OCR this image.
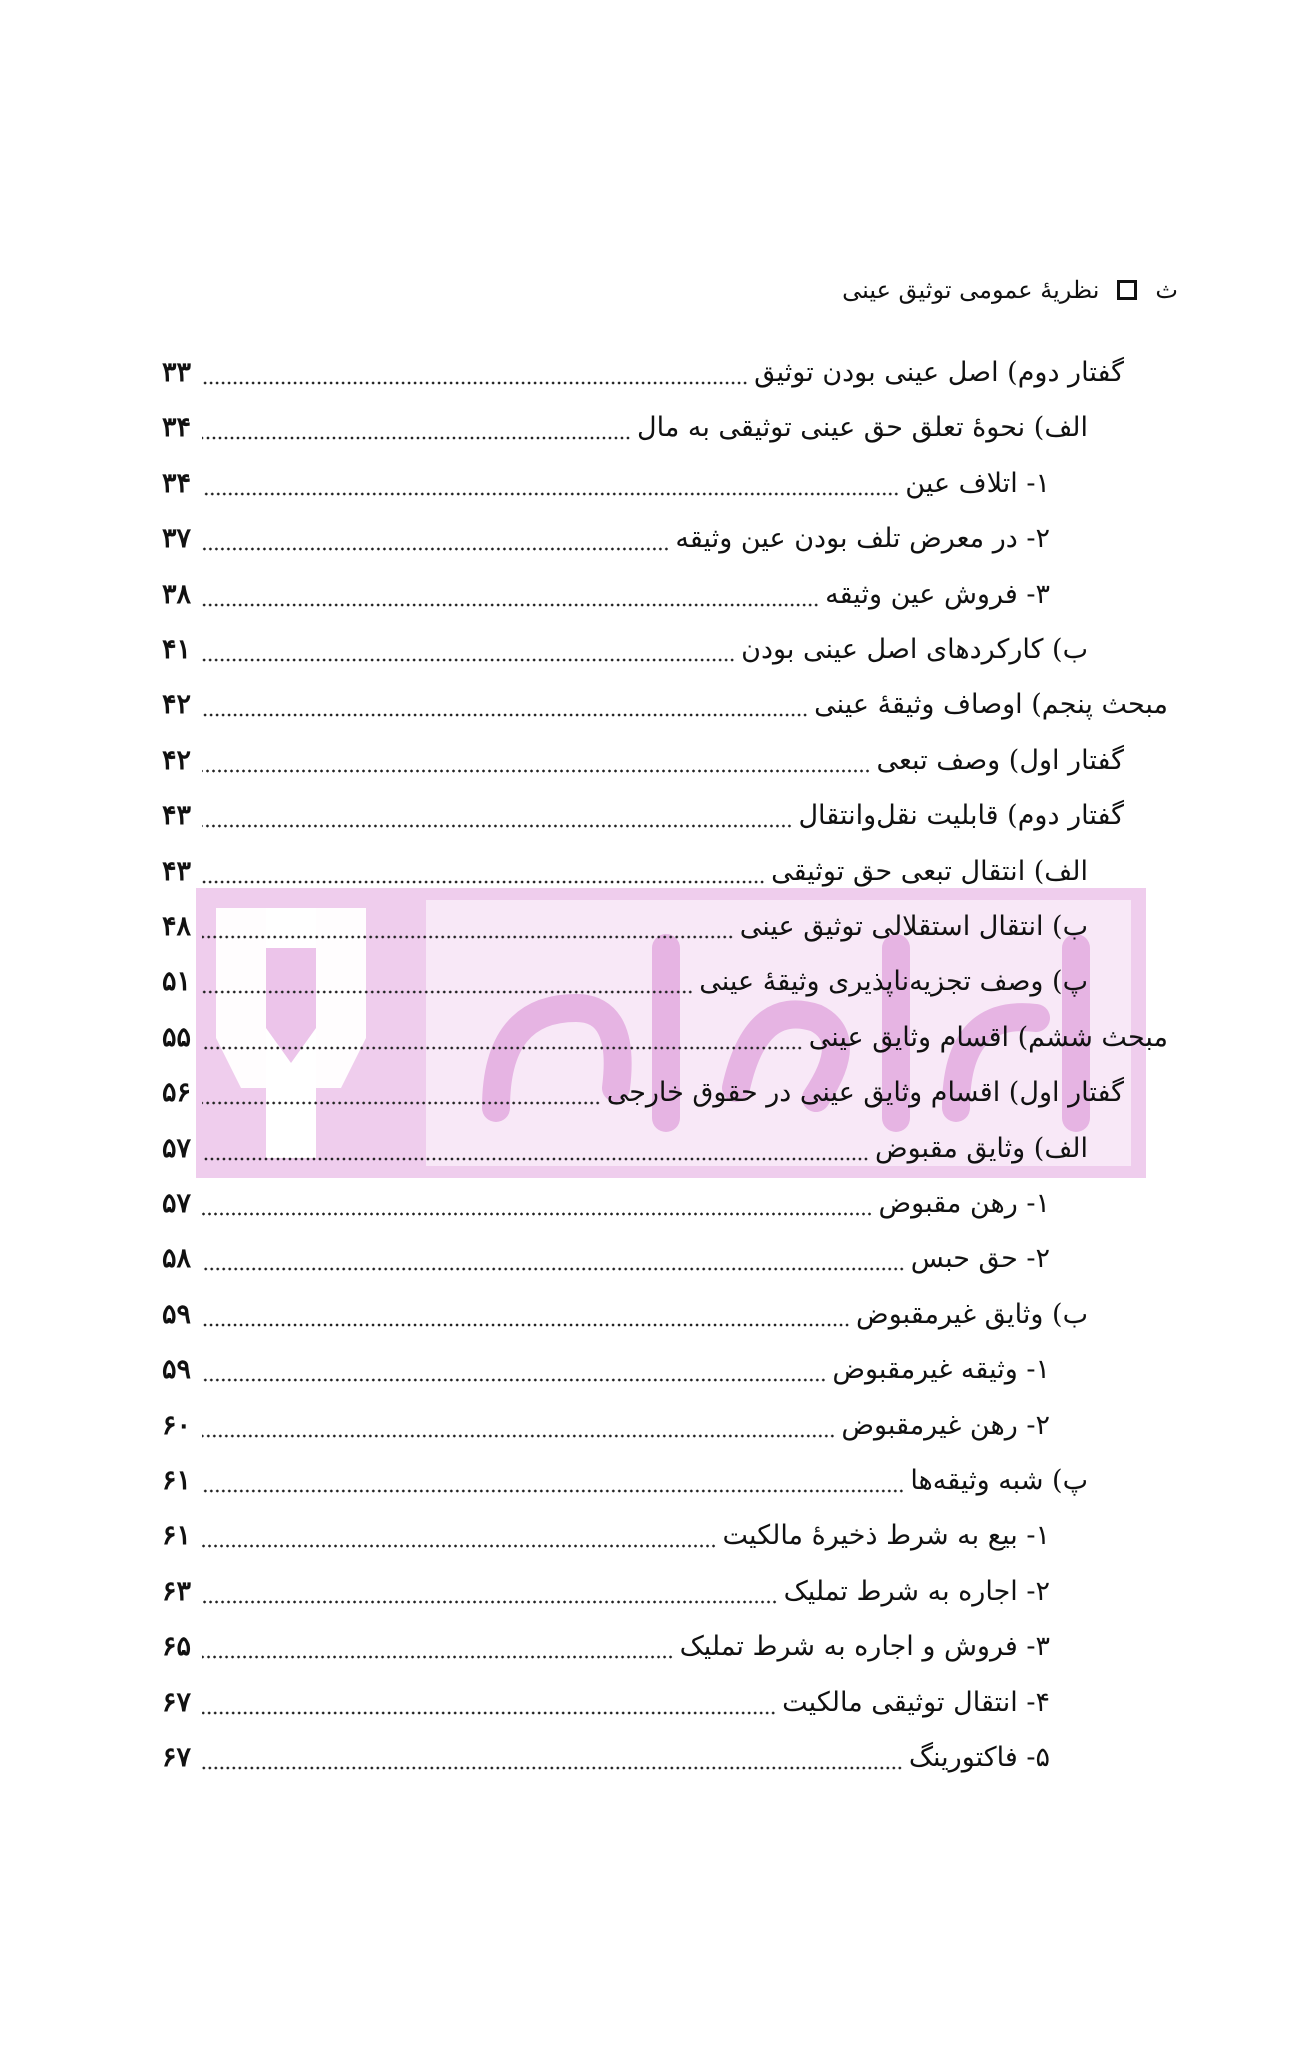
ث
نظریۀ عمومی توثیق عینی
گفتار دوم) اصل عینی بودن توثیق
۳۳
الف) نحوۀ تعلق حق عینی توثیقی به مال
۳۴
۱- اتلاف عین
۳۴
۲- در معرض تلف بودن عین وثیقه
۳۷
۳- فروش عین وثیقه
۳۸
ب) کارکردهای اصل عینی بودن
۴۱
مبحث پنجم) اوصاف وثیقۀ عینی
۴۲
گفتار اول) وصف تبعی
۴۲
گفتار دوم) قابلیت نقل‌وانتقال
۴۳
الف) انتقال تبعی حق توثیقی
۴۳
ب) انتقال استقلالی توثیق عینی
۴۸
پ) وصف تجزیه‌ناپذیری وثیقۀ عینی
۵۱
مبحث ششم) اقسام وثایق عینی
۵۵
گفتار اول) اقسام وثایق عینی در حقوق خارجی
۵۶
الف) وثایق مقبوض
۵۷
۱- رهن مقبوض
۵۷
۲- حق حبس
۵۸
ب) وثایق غیرمقبوض
۵۹
۱- وثیقه غیرمقبوض
۵۹
۲- رهن غیرمقبوض
۶۰
پ) شبه وثیقه‌ها
۶۱
۱- بیع به شرط ذخیرۀ مالکیت
۶۱
۲- اجاره به شرط تملیک
۶۳
۳- فروش و اجاره به شرط تملیک
۶۵
۴- انتقال توثیقی مالکیت
۶۷
۵- فاکتورینگ
۶۷
